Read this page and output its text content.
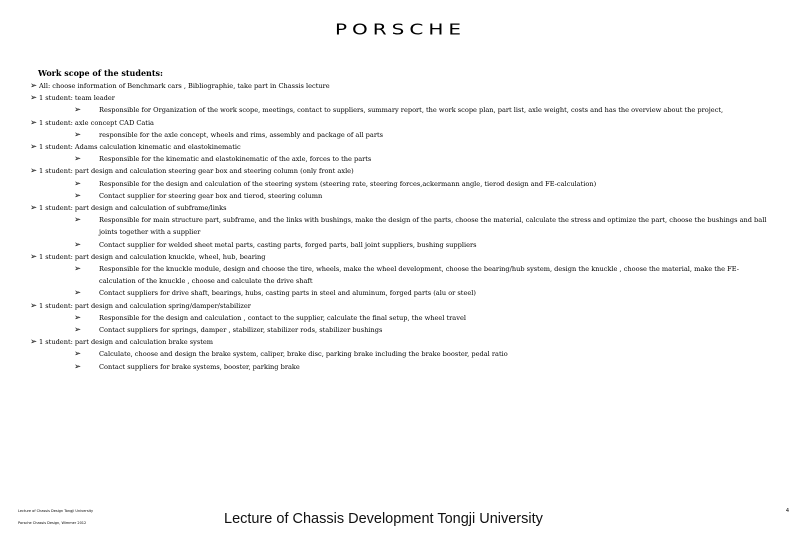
PORSCHE
Work scope of the students:
➢ All: choose information of Benchmark cars , Bibliographie, take part in Chassis lecture
➢ 1 student: team leader
➢	Responsible for Organization of the work scope, meetings, contact to suppliers, summary report, the work scope plan, part list, axle weight, costs and has the overview about the project,
➢ 1 student: axle concept CAD Catia
➢	responsible for the axle concept, wheels and rims, assembly and package of all parts
➢ 1 student: Adams calculation kinematic and elastokinematic
➢	Responsible for the kinematic and elastokinematic of the axle, forces to the parts
➢ 1 student: part design and calculation steering gear box and steering column (only front axle)
➢	Responsible for the design and calculation of the steering system (steering rate, steering forces,ackermann angle, tierod design and FE-calculation)
➢	Contact supplier for steering gear box and tierod, steering column
➢ 1 student: part design and calculation of subframe/links
➢	Responsible for main structure part, subframe, and the links with bushings, make the design of the parts, choose the material, calculate the stress and optimize the part, choose the bushings and ball joints together with a supplier
➢	Contact supplier for welded sheet metal parts, casting parts, forged parts, ball joint suppliers, bushing suppliers
➢ 1 student: part design and calculation knuckle, wheel, hub, bearing
➢	Responsible for the knuckle module, design and choose the tire, wheels, make the wheel development, choose the bearing/hub system, design the knuckle , choose the material, make the FE-calculation of the knuckle , choose and calculate the drive shaft
➢	Contact suppliers for drive shaft, bearings, hubs, casting parts in steel and aluminum, forged parts (alu or steel)
➢ 1 student: part design and calculation spring/damper/stabilizer
➢	Responsible for the design and calculation , contact to the supplier, calculate the final setup, the wheel travel
➢	Contact suppliers for springs, damper , stabilizer, stabilizer rods, stabilizer bushings
➢ 1 student: part design and calculation brake system
➢	Calculate, choose and design the brake system, caliper, brake disc, parking brake including the brake booster, pedal ratio
➢	Contact suppliers for brake systems, booster, parking brake
Lecture of Chassis Design Tongji University
Porsche Chassis Design, Wimmer 2012	Lecture of Chassis Development Tongji University	4
